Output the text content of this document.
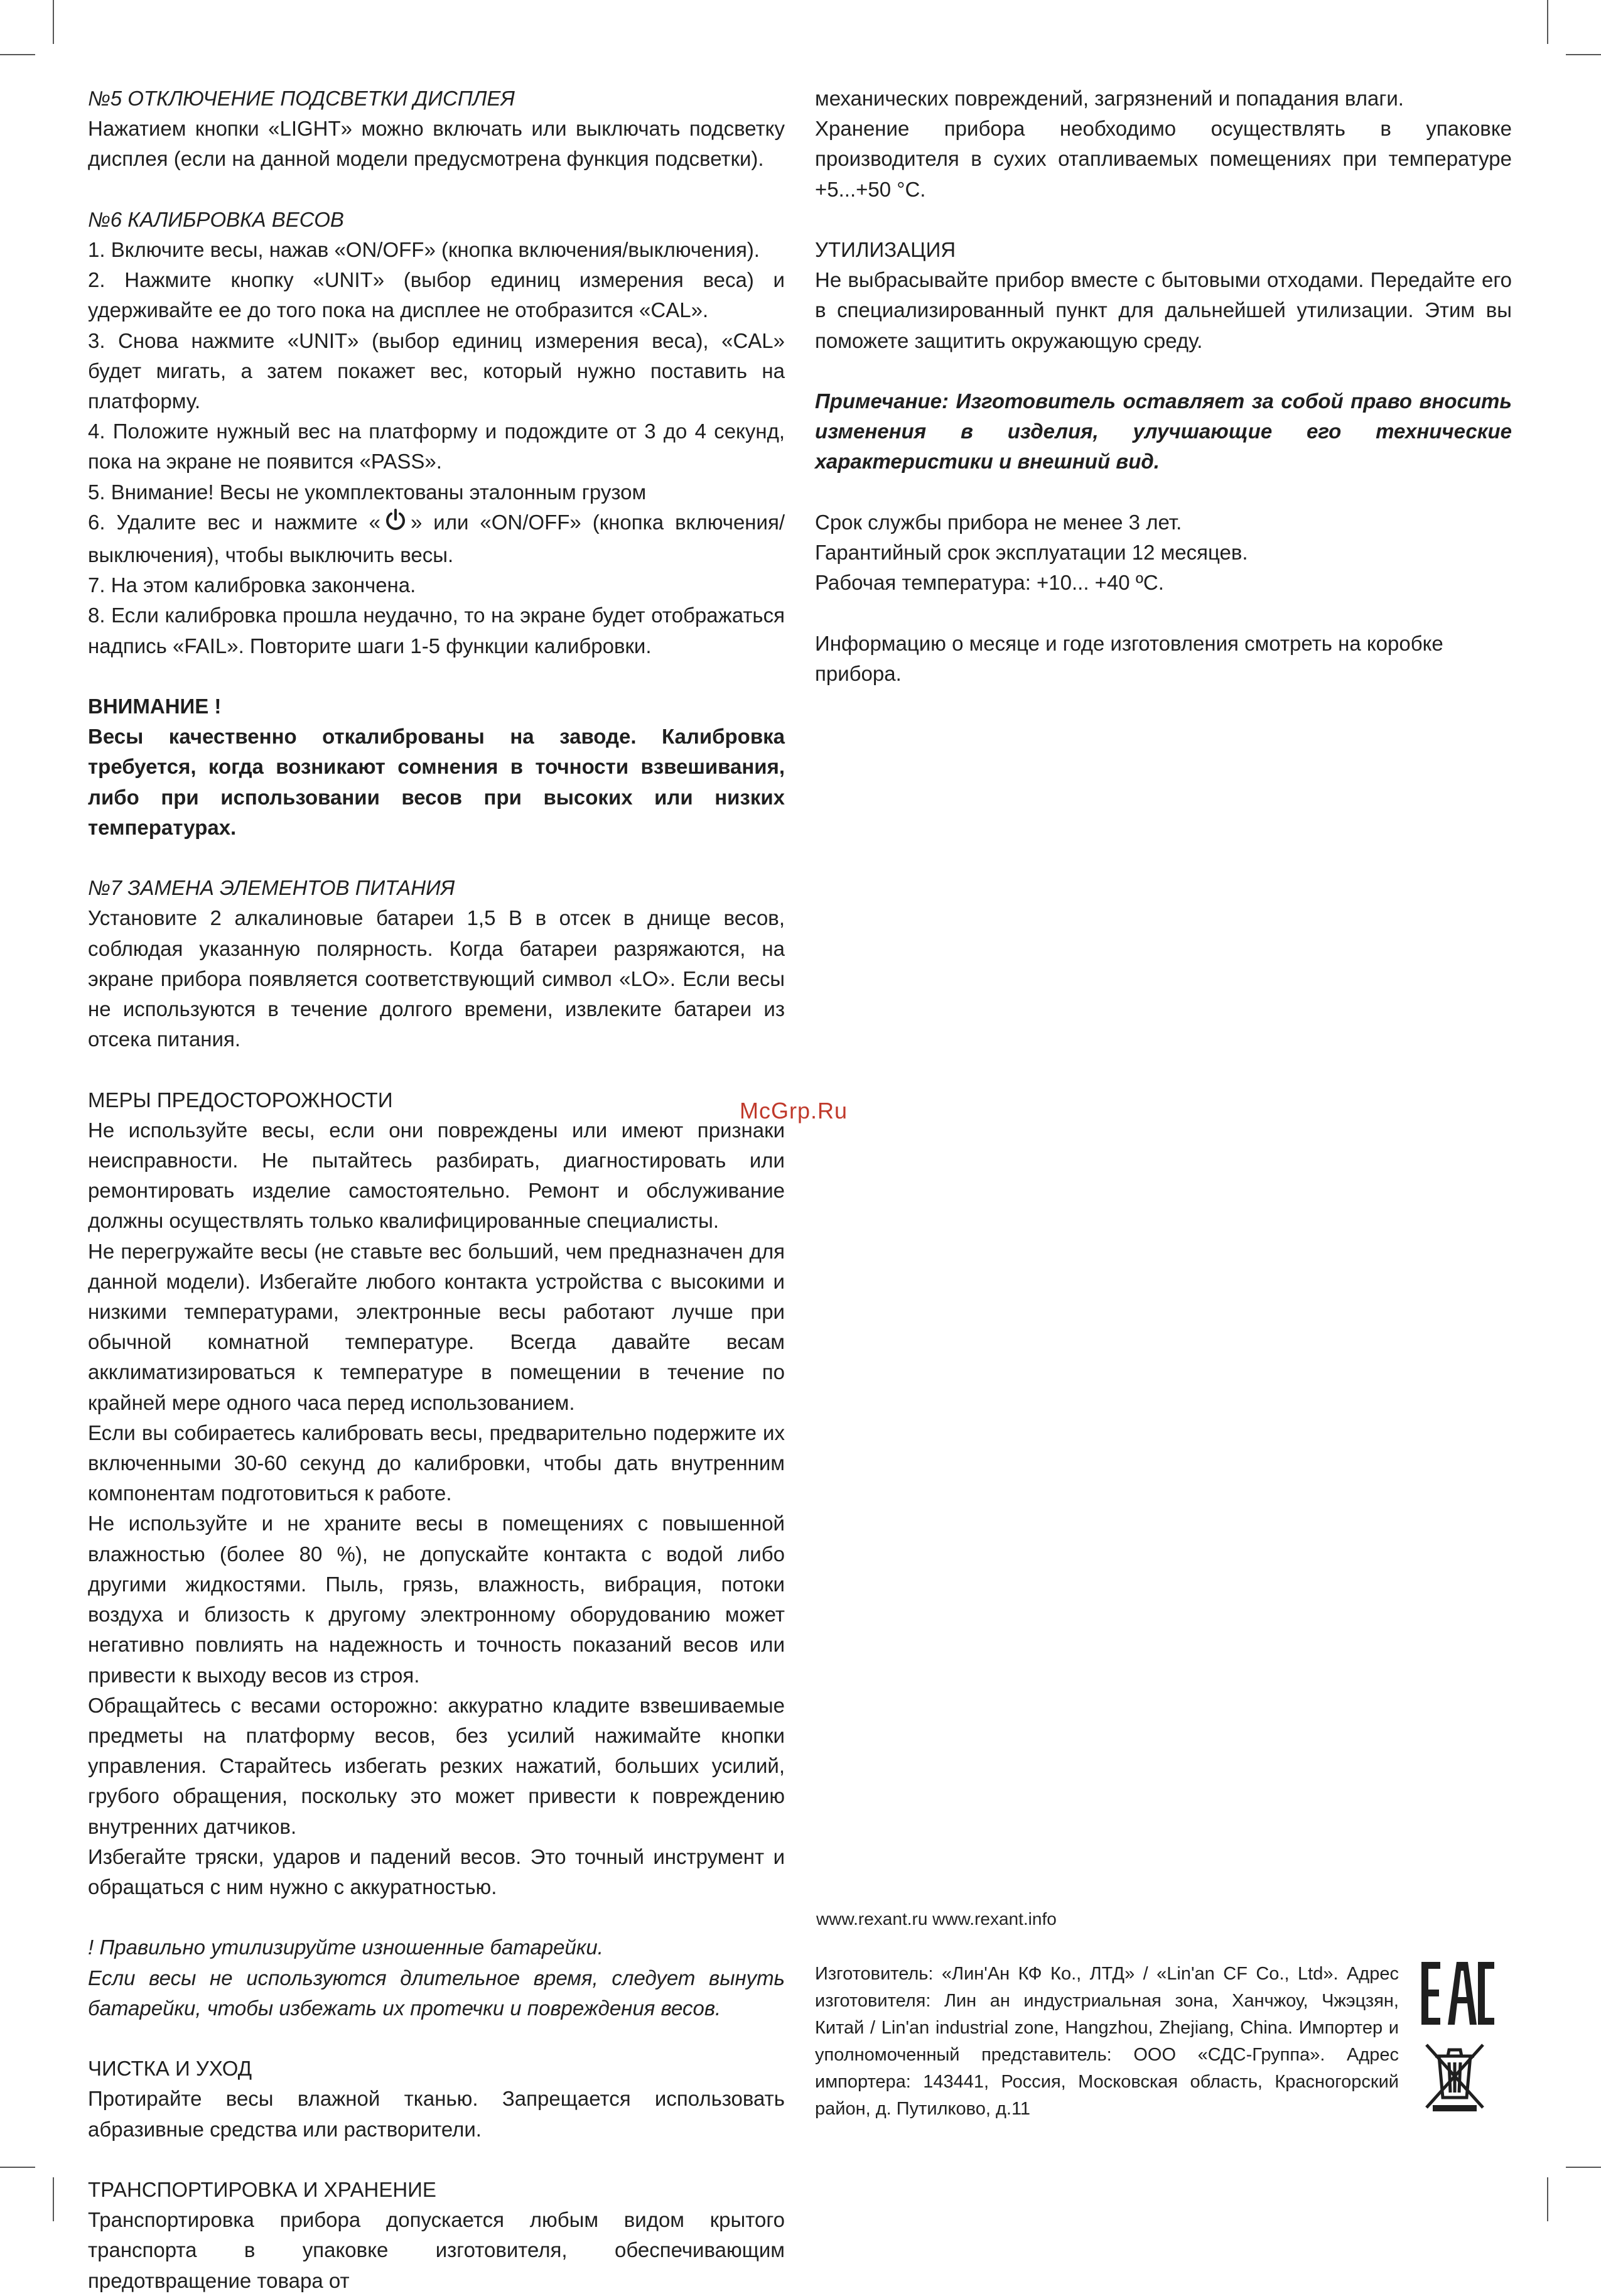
№5 ОТКЛЮЧЕНИЕ ПОДСВЕТКИ ДИСПЛЕЯ

Нажатием кнопки «LIGHT» можно включать или выключать подсветку дисплея (если на данной модели предусмотрена функция подсветки).

№6 КАЛИБРОВКА ВЕСОВ

1. Включите весы, нажав «ON/OFF» (кнопка включения/выключения).

2. Нажмите кнопку «UNIT» (выбор единиц измерения веса) и удерживайте ее до того пока на дисплее не отобразится «CAL».

3. Снова нажмите «UNIT» (выбор единиц измерения веса), «CAL» будет мигать, а затем покажет вес, который нужно поставить на платформу.

4. Положите нужный вес на платформу и подождите от 3 до 4 секунд, пока на экране не появится «PASS».

5. Внимание! Весы не укомплектованы эталонным грузом

6. Удалите вес и нажмите « » или «ON/OFF» (кнопка включения/выключения), чтобы выключить весы.

7. На этом калибровка закончена.

8. Если калибровка прошла неудачно, то на экране будет отображаться надпись «FAIL». Повторите шаги 1-5 функции калибровки.

ВНИМАНИЕ !

Весы качественно откалиброваны на заводе. Калибровка требуется, когда возникают сомнения в точности взвешивания, либо при использовании весов при высоких или низких температурах.

№7 ЗАМЕНА ЭЛЕМЕНТОВ ПИТАНИЯ

Установите 2 алкалиновые батареи 1,5 В в отсек в днище весов, соблюдая указанную полярность. Когда батареи разряжаются, на экране прибора появляется соответствующий символ «LO». Если весы не используются в течение долгого времени, извлеките батареи из отсека питания.

МЕРЫ ПРЕДОСТОРОЖНОСТИ

Не используйте весы, если они повреждены или имеют признаки неисправности. Не пытайтесь разбирать, диагностировать или ремонтировать изделие самостоятельно. Ремонт и обслуживание должны осуществлять только квалифицированные специалисты.

Не перегружайте весы (не ставьте вес больший, чем предназначен для данной модели). Избегайте любого контакта устройства с высокими и низкими температурами, электронные весы работают лучше при обычной комнатной температуре. Всегда давайте весам акклиматизироваться к температуре в помещении в течение по крайней мере одного часа перед использованием.

Если вы собираетесь калибровать весы, предварительно подержите их включенными 30-60 секунд до калибровки, чтобы дать внутренним компонентам подготовиться к работе.

Не используйте и не храните весы в помещениях с повышенной влажностью (более 80 %), не допускайте контакта с водой либо другими жидкостями. Пыль, грязь, влажность, вибрация, потоки воздуха и близость к другому электронному оборудованию может негативно повлиять на надежность и точность показаний весов или привести к выходу весов из строя.

Обращайтесь с весами осторожно: аккуратно кладите взвешиваемые предметы на платформу весов, без усилий нажимайте кнопки управления. Старайтесь избегать резких нажатий, больших усилий, грубого обращения, поскольку это может привести к повреждению внутренних датчиков.

Избегайте тряски, ударов и падений весов. Это точный инструмент и обращаться с ним нужно с аккуратностью.

! Правильно утилизируйте изношенные батарейки.

Если весы не используются длительное время, следует вынуть батарейки, чтобы избежать их протечки и повреждения весов.

ЧИСТКА И УХОД

Протирайте весы влажной тканью. Запрещается использовать абразивные средства или растворители.

ТРАНСПОРТИРОВКА И ХРАНЕНИЕ

Транспортировка прибора допускается любым видом крытого транспорта в упаковке изготовителя, обеспечивающим предотвращение товара от

механических повреждений, загрязнений и попадания влаги.

Хранение прибора необходимо осуществлять в упаковке производителя в сухих отапливаемых помещениях при температуре +5...+50 °С.

УТИЛИЗАЦИЯ

Не выбрасывайте прибор вместе с бытовыми отходами. Передайте его в специализированный пункт для дальнейшей утилизации. Этим вы поможете защитить окружающую среду.

Примечание: Изготовитель оставляет за собой право вносить изменения в изделия, улучшающие его технические характеристики и внешний вид.

Срок службы прибора не менее 3 лет.

Гарантийный срок эксплуатации 12 месяцев.

Рабочая температура: +10... +40 ºС.

Информацию о месяце и годе изготовления смотреть на коробке прибора.

McGrp.Ru
www.rexant.ru www.rexant.info
Изготовитель: «Лин'Ан КФ Ко., ЛТД» / «Lin'an CF Co., Ltd». Адрес изготовителя: Лин ан индустриальная зона, Ханчжоу, Чжэцзян, Китай / Lin'an industrial zone, Hangzhou, Zhejiang, China. Импортер и уполномоченный представитель: ООО «СДС-Группа». Адрес импортера: 143441, Россия, Московская область, Красногорский район, д. Путилково, д.11
